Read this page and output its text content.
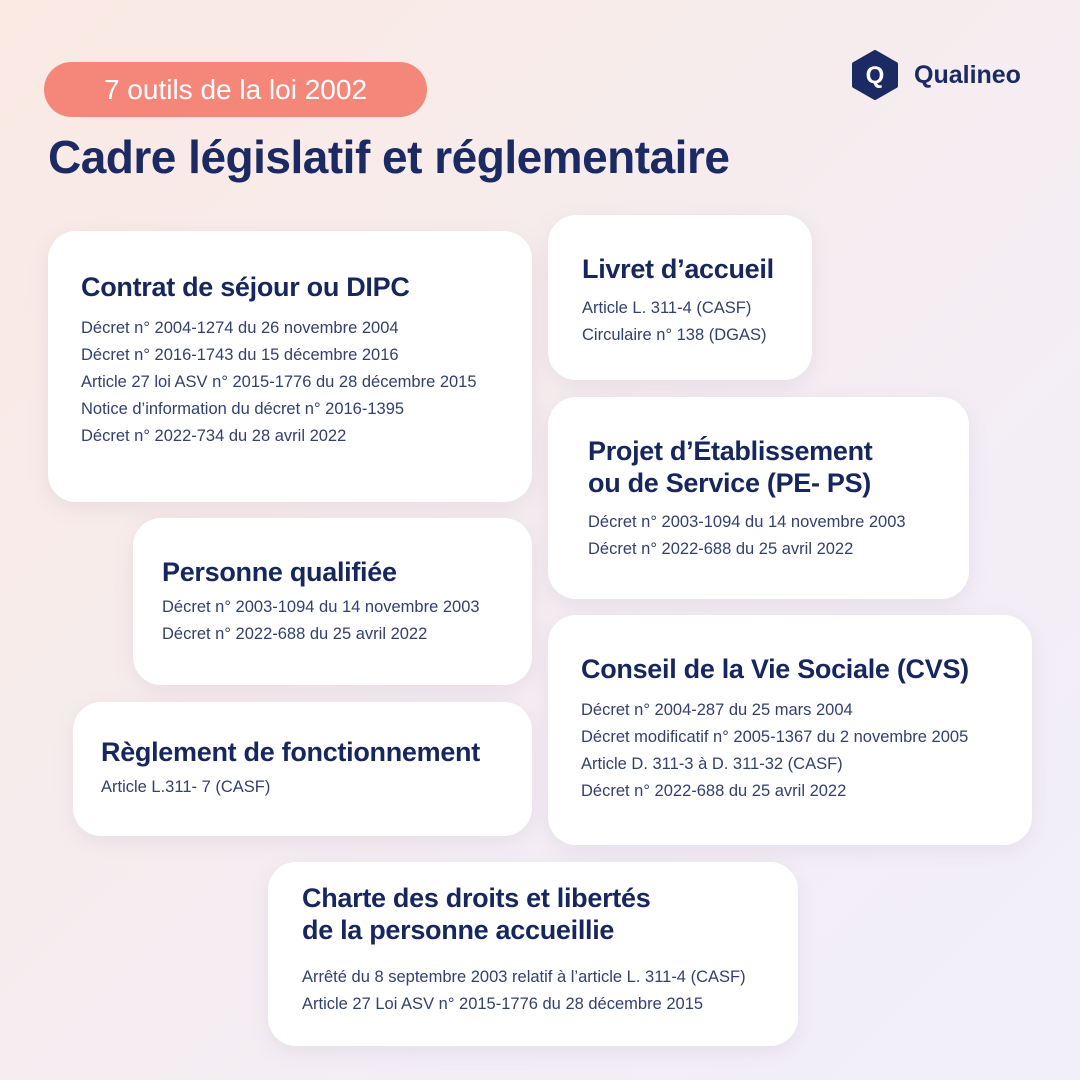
7 outils de la loi 2002
Cadre législatif et réglementaire
Q Qualineo
Contrat de séjour ou DIPC
Décret n° 2004-1274 du 26 novembre 2004
Décret n° 2016-1743 du 15 décembre 2016
Article 27 loi ASV n° 2015-1776 du 28 décembre 2015
Notice d’information du décret n° 2016-1395
Décret n° 2022-734 du 28 avril 2022
Livret d’accueil
Article L. 311-4 (CASF)
Circulaire n° 138 (DGAS)
Projet d’Établissement
ou de Service (PE- PS)
Décret n° 2003-1094 du 14 novembre 2003
Décret n° 2022-688 du 25 avril 2022
Personne qualifiée
Décret n° 2003-1094 du 14 novembre 2003
Décret n° 2022-688 du 25 avril 2022
Conseil de la Vie Sociale (CVS)
Décret n° 2004-287 du 25 mars 2004
Décret modificatif n° 2005-1367 du 2 novembre 2005
Article D. 311-3 à D. 311-32 (CASF)
Décret n° 2022-688 du 25 avril 2022
Règlement de fonctionnement
Article L.311- 7 (CASF)
Charte des droits et libertés
de la personne accueillie
Arrêté du 8 septembre 2003 relatif à l’article L. 311-4 (CASF)
Article 27 Loi ASV n° 2015-1776 du 28 décembre 2015
